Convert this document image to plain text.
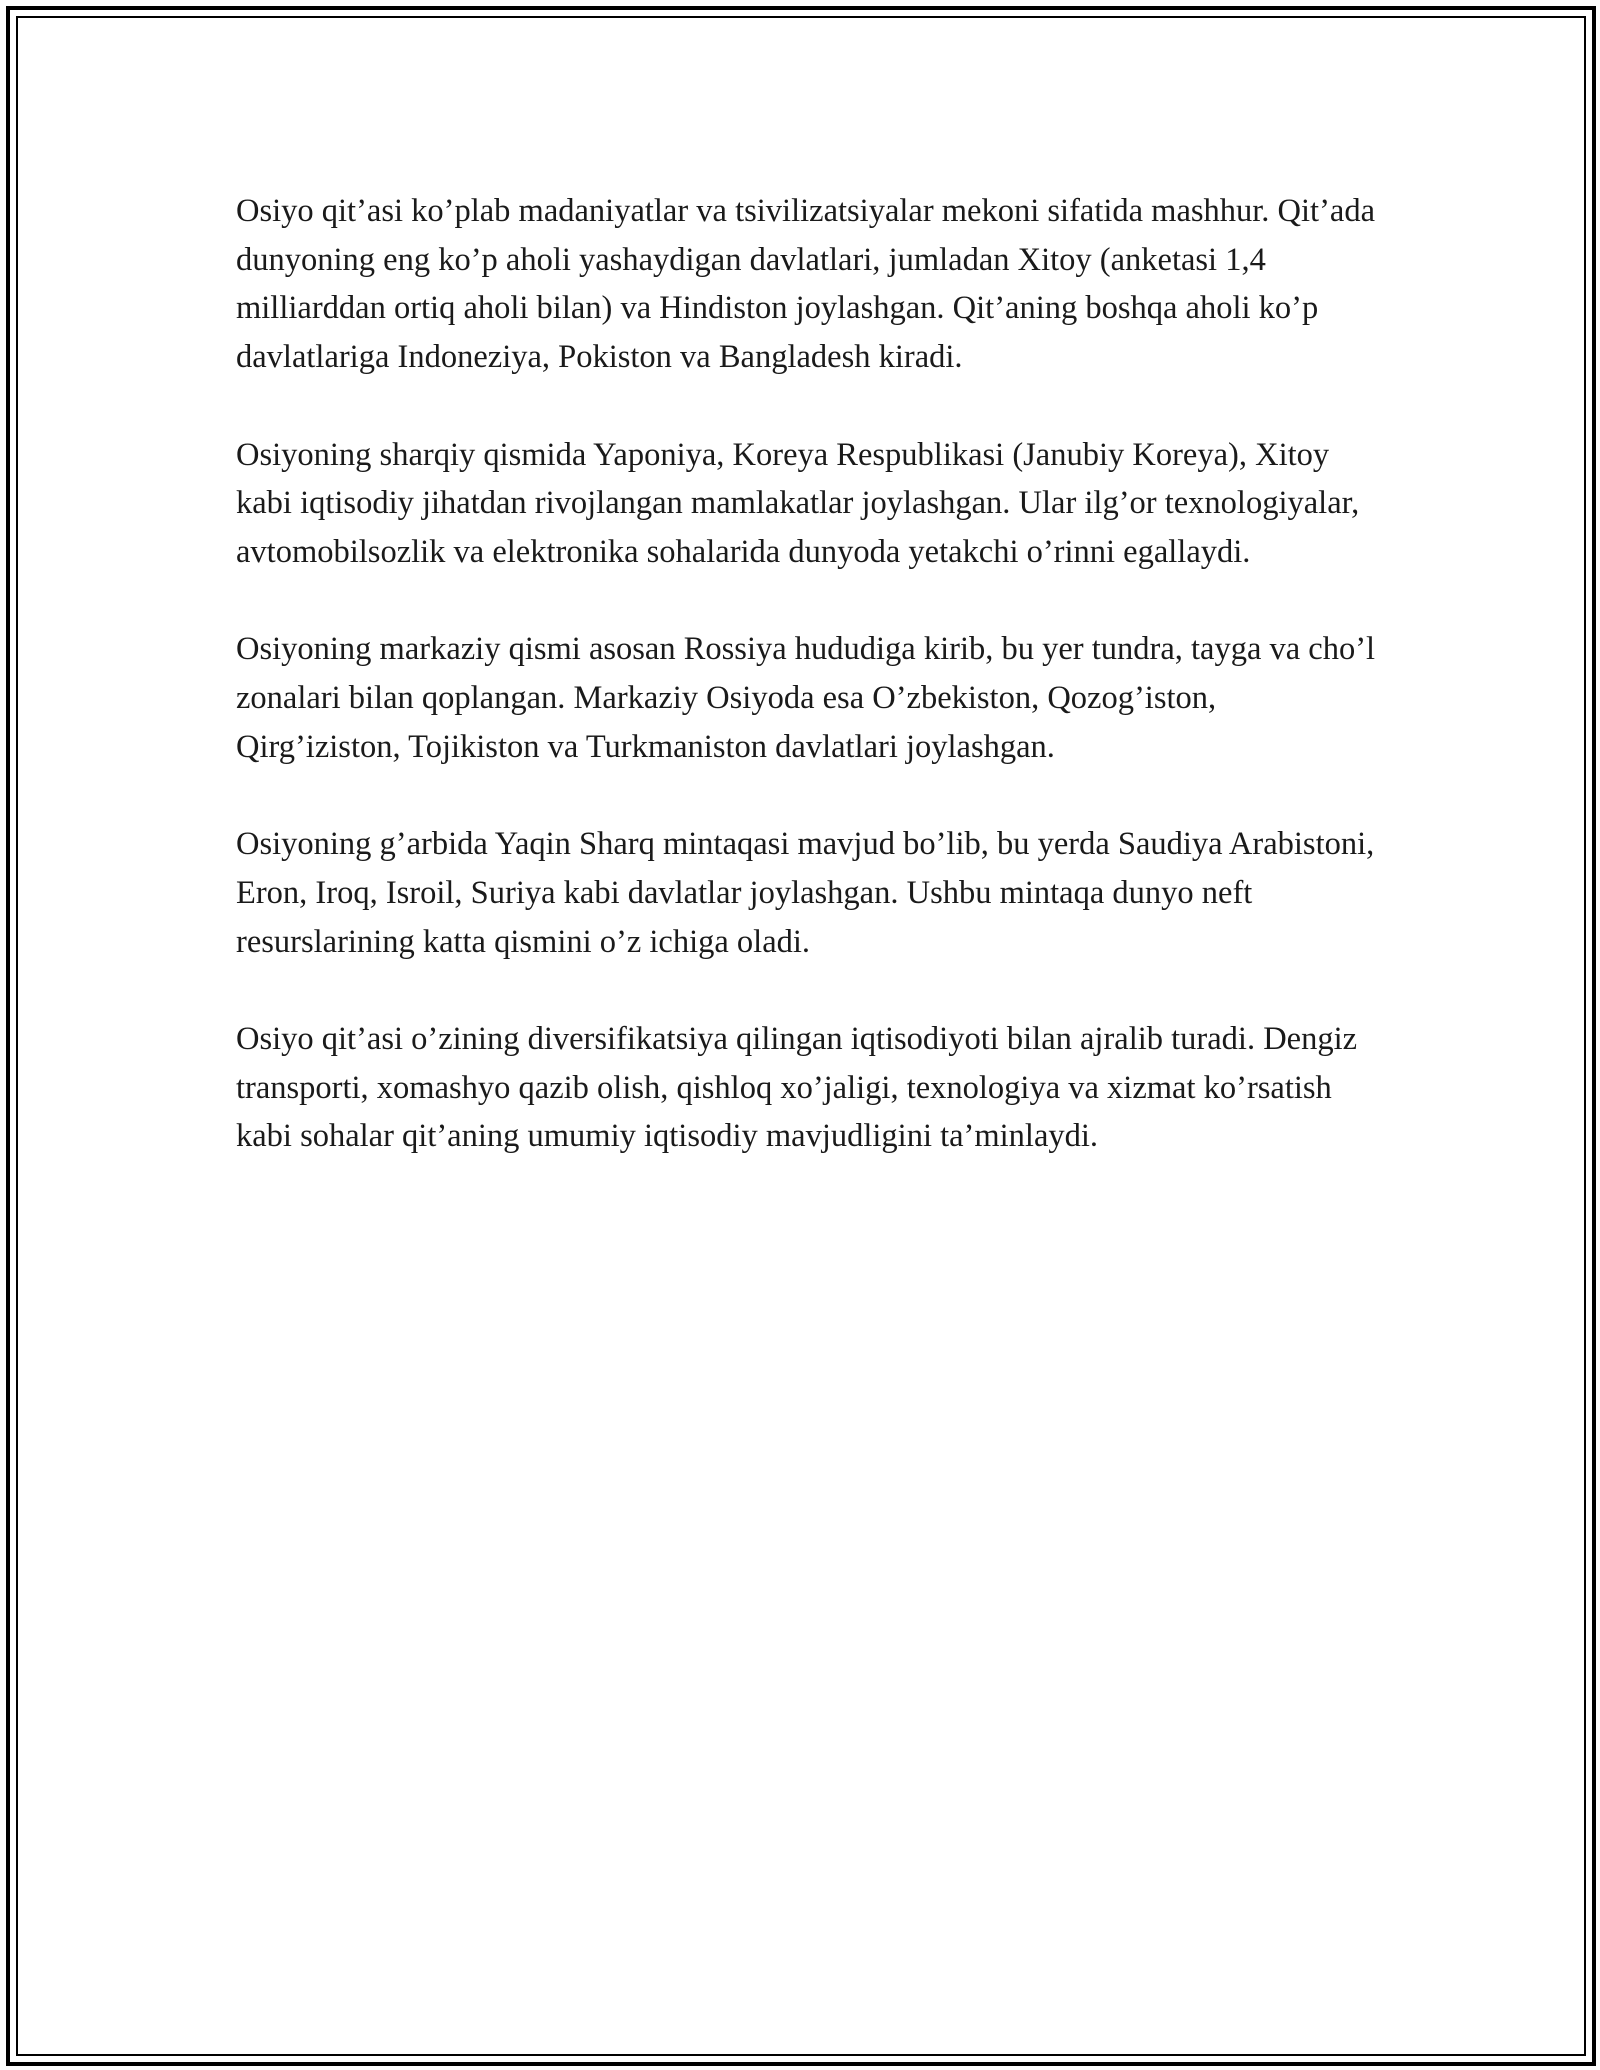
Osiyo qit’asi ko’plab madaniyatlar va tsivilizatsiyalar mekoni sifatida mashhur. Qit’ada dunyoning eng ko’p aholi yashaydigan davlatlari, jumladan Xitoy (anketasi 1,4 milliarddan ortiq aholi bilan) va Hindiston joylashgan. Qit’aning boshqa aholi ko’p davlatlariga Indoneziya, Pokiston va Bangladesh kiradi.

Osiyoning sharqiy qismida Yaponiya, Koreya Respublikasi (Janubiy Koreya), Xitoy kabi iqtisodiy jihatdan rivojlangan mamlakatlar joylashgan. Ular ilg’or texnologiyalar, avtomobilsozlik va elektronika sohalarida dunyoda yetakchi o’rinni egallaydi.

Osiyoning markaziy qismi asosan Rossiya hududiga kirib, bu yer tundra, tayga va cho’l zonalari bilan qoplangan. Markaziy Osiyoda esa O’zbekiston, Qozog’iston, Qirg’iziston, Tojikiston va Turkmaniston davlatlari joylashgan.

Osiyoning g’arbida Yaqin Sharq mintaqasi mavjud bo’lib, bu yerda Saudiya Arabistoni, Eron, Iroq, Isroil, Suriya kabi davlatlar joylashgan. Ushbu mintaqa dunyo neft resurslarining katta qismini o’z ichiga oladi.

Osiyo qit’asi o’zining diversifikatsiya qilingan iqtisodiyoti bilan ajralib turadi. Dengiz transporti, xomashyo qazib olish, qishloq xo’jaligi, texnologiya va xizmat ko’rsatish kabi sohalar qit’aning umumiy iqtisodiy mavjudligini ta’minlaydi.
